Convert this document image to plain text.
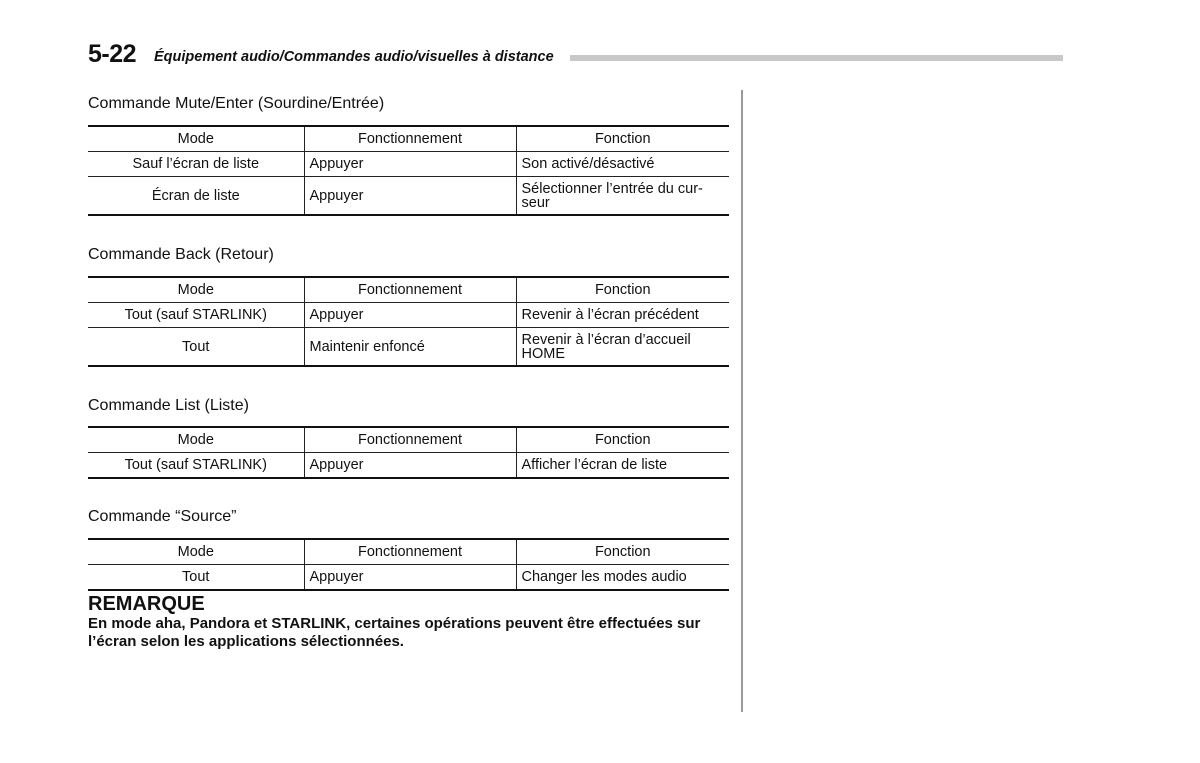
5-22 Équipement audio/Commandes audio/visuelles à distance
Commande Mute/Enter (Sourdine/Entrée)
Mode	Fonctionnement	Fonction
Sauf l’écran de liste	Appuyer	Son activé/désactivé
Écran de liste	Appuyer	Sélectionner l’entrée du cur-
seur
Commande Back (Retour)
Mode	Fonctionnement	Fonction
Tout (sauf STARLINK)	Appuyer	Revenir à l’écran précédent
Tout	Maintenir enfoncé	Revenir à l’écran d’accueil
HOME
Commande List (Liste)
Mode	Fonctionnement	Fonction
Tout (sauf STARLINK)	Appuyer	Afficher l’écran de liste
Commande “Source”
Mode	Fonctionnement	Fonction
Tout	Appuyer	Changer les modes audio
REMARQUE
En mode aha, Pandora et STARLINK, certaines opérations peuvent être effectuées sur l’écran selon les applications sélectionnées.
